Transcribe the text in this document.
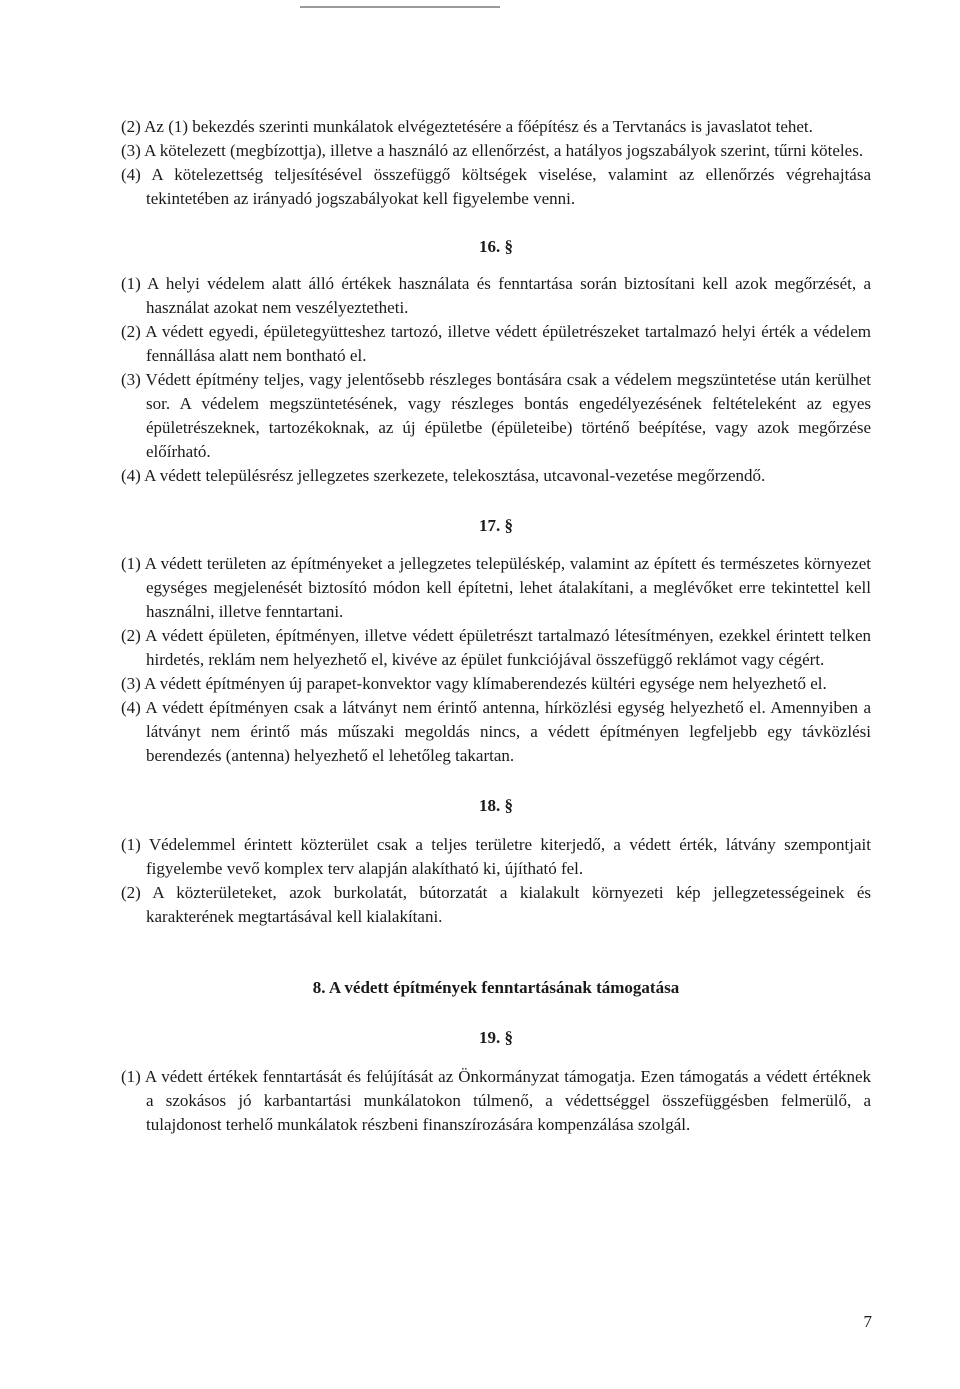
(2) Az (1) bekezdés szerinti munkálatok elvégeztetésére a főépítész és a Tervtanács is javaslatot tehet.

(3) A kötelezett (megbízottja), illetve a használó az ellenőrzést, a hatályos jogszabályok szerint, tűrni köteles.

(4) A kötelezettség teljesítésével összefüggő költségek viselése, valamint az ellenőrzés végrehajtása tekintetében az irányadó jogszabályokat kell figyelembe venni.

16. §

(1) A helyi védelem alatt álló értékek használata és fenntartása során biztosítani kell azok megőrzését, a használat azokat nem veszélyeztetheti.

(2) A védett egyedi, épületegyütteshez tartozó, illetve védett épületrészeket tartalmazó helyi érték a védelem fennállása alatt nem bontható el.

(3) Védett építmény teljes, vagy jelentősebb részleges bontására csak a védelem megszüntetése után kerülhet sor. A védelem megszüntetésének, vagy részleges bontás engedélyezésének feltételeként az egyes épületrészeknek, tartozékoknak, az új épületbe (épületeibe) történő beépítése, vagy azok megőrzése előírható.

(4) A védett településrész jellegzetes szerkezete, telekosztása, utcavonal-vezetése megőrzendő.

17. §

(1) A védett területen az építményeket a jellegzetes településkép, valamint az épített és természetes környezet egységes megjelenését biztosító módon kell építetni, lehet átalakítani, a meglévőket erre tekintettel kell használni, illetve fenntartani.

(2) A védett épületen, építményen, illetve védett épületrészt tartalmazó létesítményen, ezekkel érintett telken hirdetés, reklám nem helyezhető el, kivéve az épület funkciójával összefüggő reklámot vagy cégért.

(3) A védett építményen új parapet-konvektor vagy klímaberendezés kültéri egysége nem helyezhető el.

(4) A védett építményen csak a látványt nem érintő antenna, hírközlési egység helyezhető el. Amennyiben a látványt nem érintő más műszaki megoldás nincs, a védett építményen legfeljebb egy távközlési berendezés (antenna) helyezhető el lehetőleg takartan.

18. §

(1) Védelemmel érintett közterület csak a teljes területre kiterjedő, a védett érték, látvány szempontjait figyelembe vevő komplex terv alapján alakítható ki, újítható fel.

(2) A közterületeket, azok burkolatát, bútorzatát a kialakult környezeti kép jellegzetességeinek és karakterének megtartásával kell kialakítani.

8. A védett építmények fenntartásának támogatása

19. §

(1) A védett értékek fenntartását és felújítását az Önkormányzat támogatja. Ezen támogatás a védett értéknek a szokásos jó karbantartási munkálatokon túlmenő, a védettséggel összefüggésben felmerülő, a tulajdonost terhelő munkálatok részbeni finanszírozására kompenzálása szolgál.

7
